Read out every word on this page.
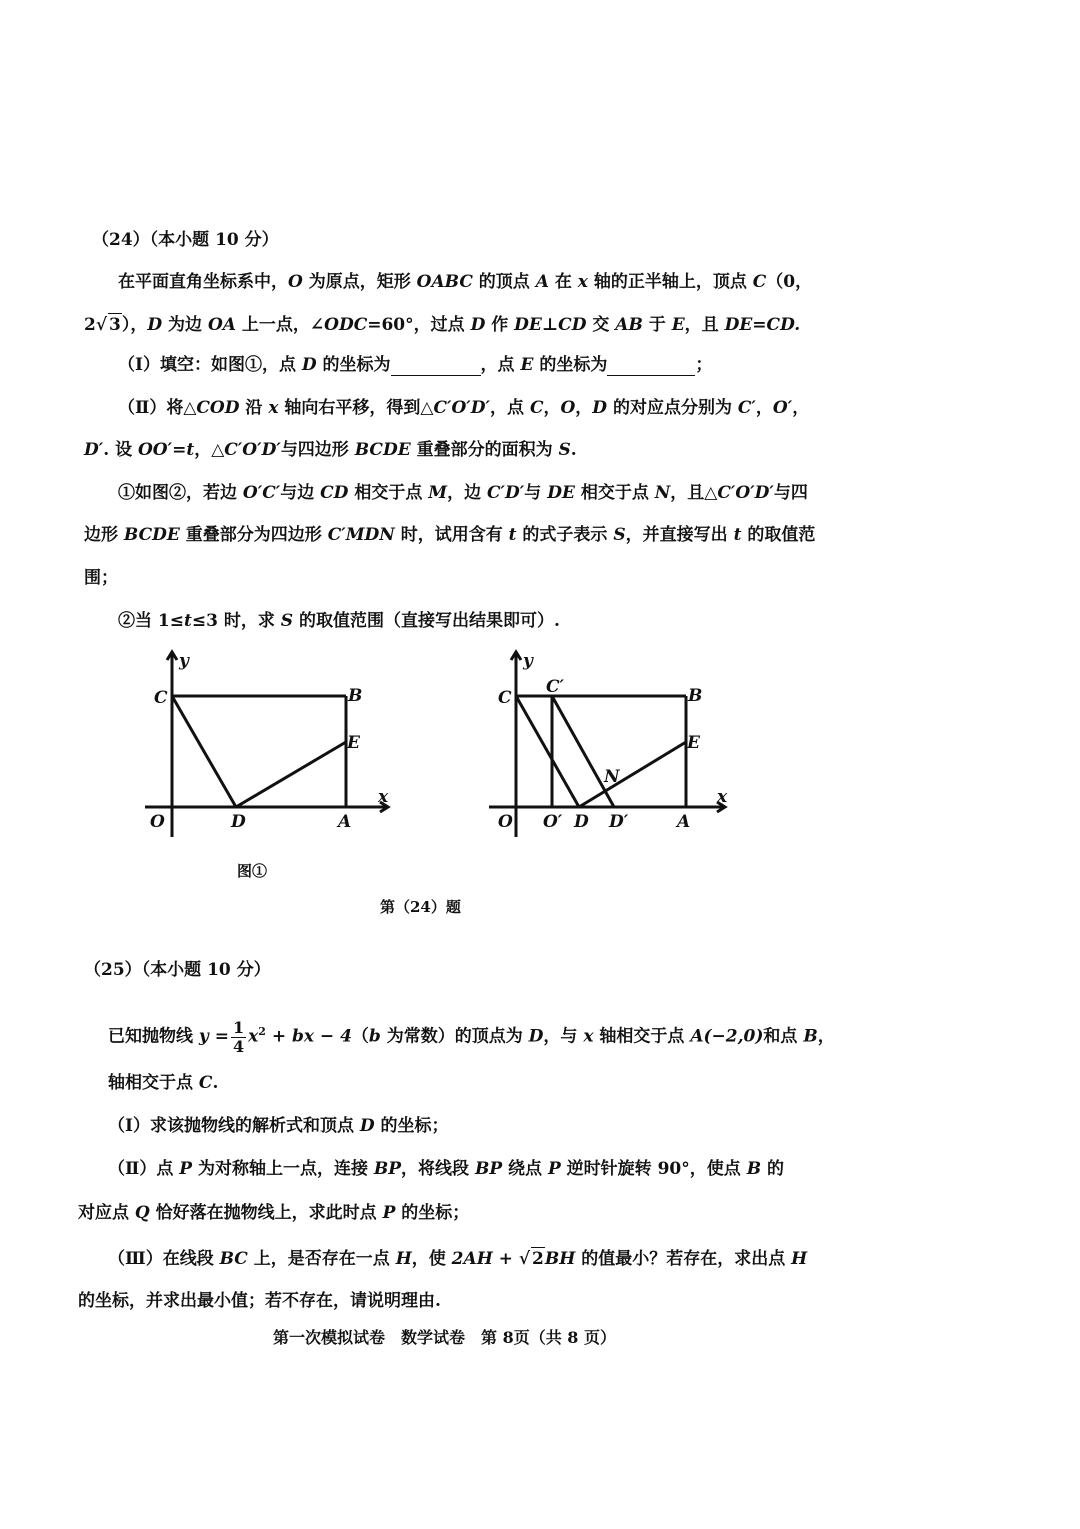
（24）（本小题 10 分）
在平面直角坐标系中，O 为原点，矩形 OABC 的顶点 A 在 x 轴的正半轴上，顶点 C（0，
2√ 3），D 为边 OA 上一点，∠ODC=60°，过点 D 作 DE⊥CD 交 AB 于 E，且 DE=CD.
（Ⅰ）填空：如图①，点 D 的坐标为	，点 E 的坐标为	；
（Ⅱ）将△COD 沿 x 轴向右平移，得到△C′O′D′，点 C，O，D 的对应点分别为 C′，O′，
D′. 设 OO′=t，△C′O′D′与四边形 BCDE 重叠部分的面积为 S.
①如图②，若边 O′C′与边 CD 相交于点 M，边 C′D′与 DE 相交于点 N，且△C′O′D′与四
边形 BCDE 重叠部分为四边形 C′MDN 时，试用含有 t 的式子表示 S，并直接写出 t 的取值范
围；
②当 1≤t≤3 时，求 S 的取值范围（直接写出结果即可）.
y
C	B
E
x
O	D	A
图①
y
C
C′	B
E
N
x
O O′ D D′	A
第（24）题
（25）（本小题 10 分）
已知抛物线 $y = \frac{1}{4} x^2$ + bx − 4（b 为常数）的顶点为 D，与 x 轴相交于点 A(−2,0)和点 B，
轴相交于点 C.
（Ⅰ）求该抛物线的解析式和顶点 D 的坐标；
（Ⅱ）点 P 为对称轴上一点，连接 BP，将线段 BP 绕点 P 逆时针旋转 90°，使点 B 的
对应点 Q 恰好落在抛物线上，求此时点 P 的坐标；
（Ⅲ）在线段 BC 上，是否存在一点 H，使 2AH + √ 2BH 的值最小？若存在，求出点 H
的坐标，并求出最小值；若不存在，请说明理由.
第一次模拟试卷　数学试卷　第 8页（共 8 页）
